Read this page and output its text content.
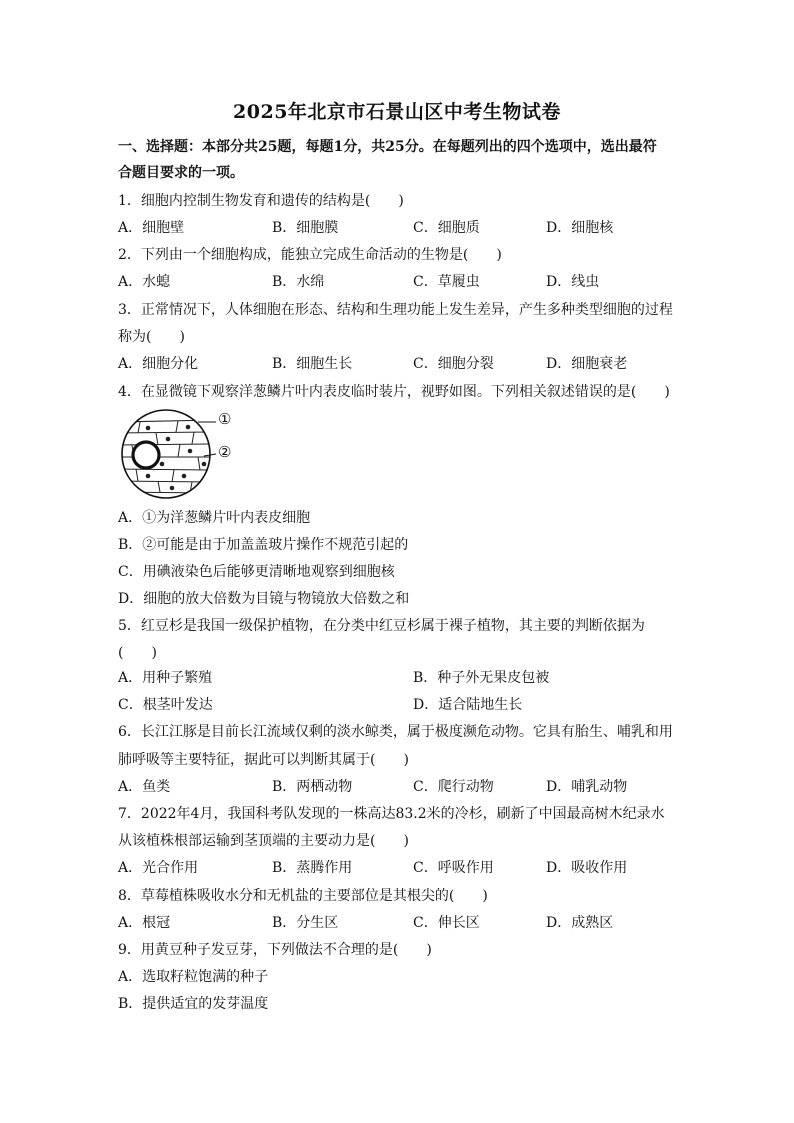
2025年北京市石景山区中考生物试卷
一、选择题：本部分共25题，每题1分，共25分。在每题列出的四个选项中，选出最符
合题目要求的一项。
1．细胞内控制生物发育和遗传的结构是(　　)
A．细胞壁	B．细胞膜	C．细胞质	D．细胞核
2．下列由一个细胞构成，能独立完成生命活动的生物是(　　)
A．水螅	B．水绵	C．草履虫	D．线虫
3．正常情况下，人体细胞在形态、结构和生理功能上发生差异，产生多种类型细胞的过程
称为(　　)
A．细胞分化	B．细胞生长	C．细胞分裂	D．细胞衰老
4．在显微镜下观察洋葱鳞片叶内表皮临时装片，视野如图。下列相关叙述错误的是(　　)
①
②
A．①为洋葱鳞片叶内表皮细胞
B．②可能是由于加盖盖玻片操作不规范引起的
C．用碘液染色后能够更清晰地观察到细胞核
D．细胞的放大倍数为目镜与物镜放大倍数之和
5．红豆杉是我国一级保护植物，在分类中红豆杉属于裸子植物，其主要的判断依据为
(　　)
A．用种子繁殖	B．种子外无果皮包被
C．根茎叶发达	D．适合陆地生长
6．长江江豚是目前长江流域仅剩的淡水鲸类，属于极度濒危动物。它具有胎生、哺乳和用
肺呼吸等主要特征，据此可以判断其属于(　　)
A．鱼类	B．两栖动物	C．爬行动物	D．哺乳动物
7．2022年4月，我国科考队发现的一株高达83.2米的冷杉，刷新了中国最高树木纪录水
从该植株根部运输到茎顶端的主要动力是(　　)
A．光合作用	B．蒸腾作用	C．呼吸作用	D．吸收作用
8．草莓植株吸收水分和无机盐的主要部位是其根尖的(　　)
A．根冠	B．分生区	C．伸长区	D．成熟区
9．用黄豆种子发豆芽，下列做法不合理的是(　　)
A．选取籽粒饱满的种子
B．提供适宜的发芽温度
